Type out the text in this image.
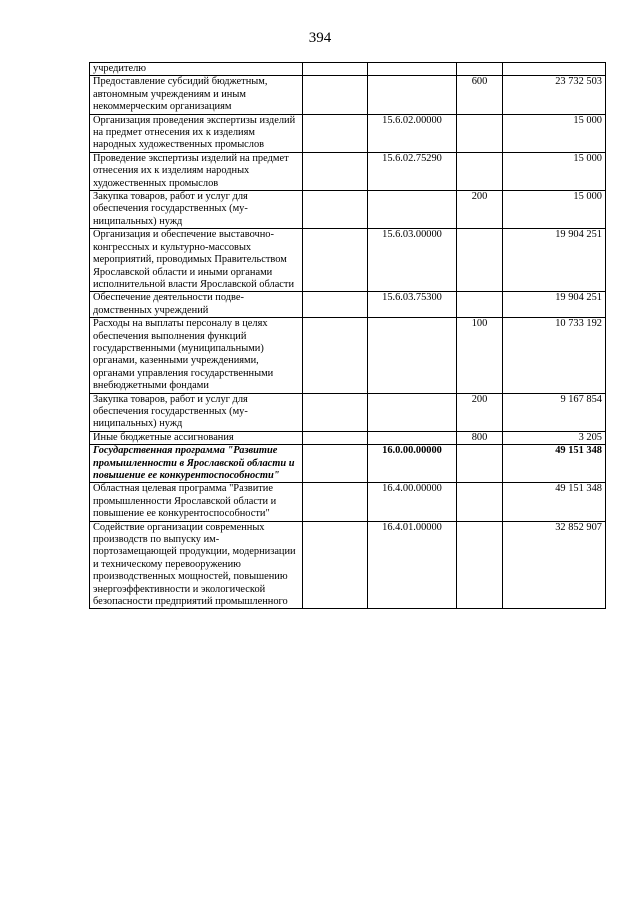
394
учредителю				
Предоставление субсидий бюджетным, автономным учреждениям и иным некоммерческим организациям			600	23 732 503
Организация проведения экспертизы изделий на предмет отнесения их к изделиям народных художественных промыслов		15.6.02.00000		15 000
Проведение экспертизы изделий на предмет отнесения их к изделиям народных художественных промыслов		15.6.02.75290		15 000
Закупка товаров, работ и услуг для обеспечения государственных (муниципальных) нужд			200	15 000
Организация и обеспечение выставочно-конгрессных и культурно-массовых мероприятий, проводимых Правительством Ярославской области и иными органами исполнительной власти Ярославской области		15.6.03.00000		19 904 251
Обеспечение деятельности подведомственных учреждений		15.6.03.75300		19 904 251
Расходы на выплаты персоналу в целях обеспечения выполнения функций государственными (муниципальными) органами, казенными учреждениями, органами управления государственными внебюджетными фондами			100	10 733 192
Закупка товаров, работ и услуг для обеспечения государственных (муниципальных) нужд			200	9 167 854
Иные бюджетные ассигнования			800	3 205
Государственная программа "Развитие промышленности в Ярославской области и повышение ее конкурентоспособности"		16.0.00.00000		49 151 348
Областная целевая программа "Развитие промышленности Ярославской области и повышение ее конкурентоспособности"		16.4.00.00000		49 151 348
Содействие организации современных производств по выпуску импортозамещающей продукции, модернизации и техническому перевооружению производственных мощностей, повышению энергоэффективности и экологической безопасности предприятий промышленного		16.4.01.00000		32 852 907
